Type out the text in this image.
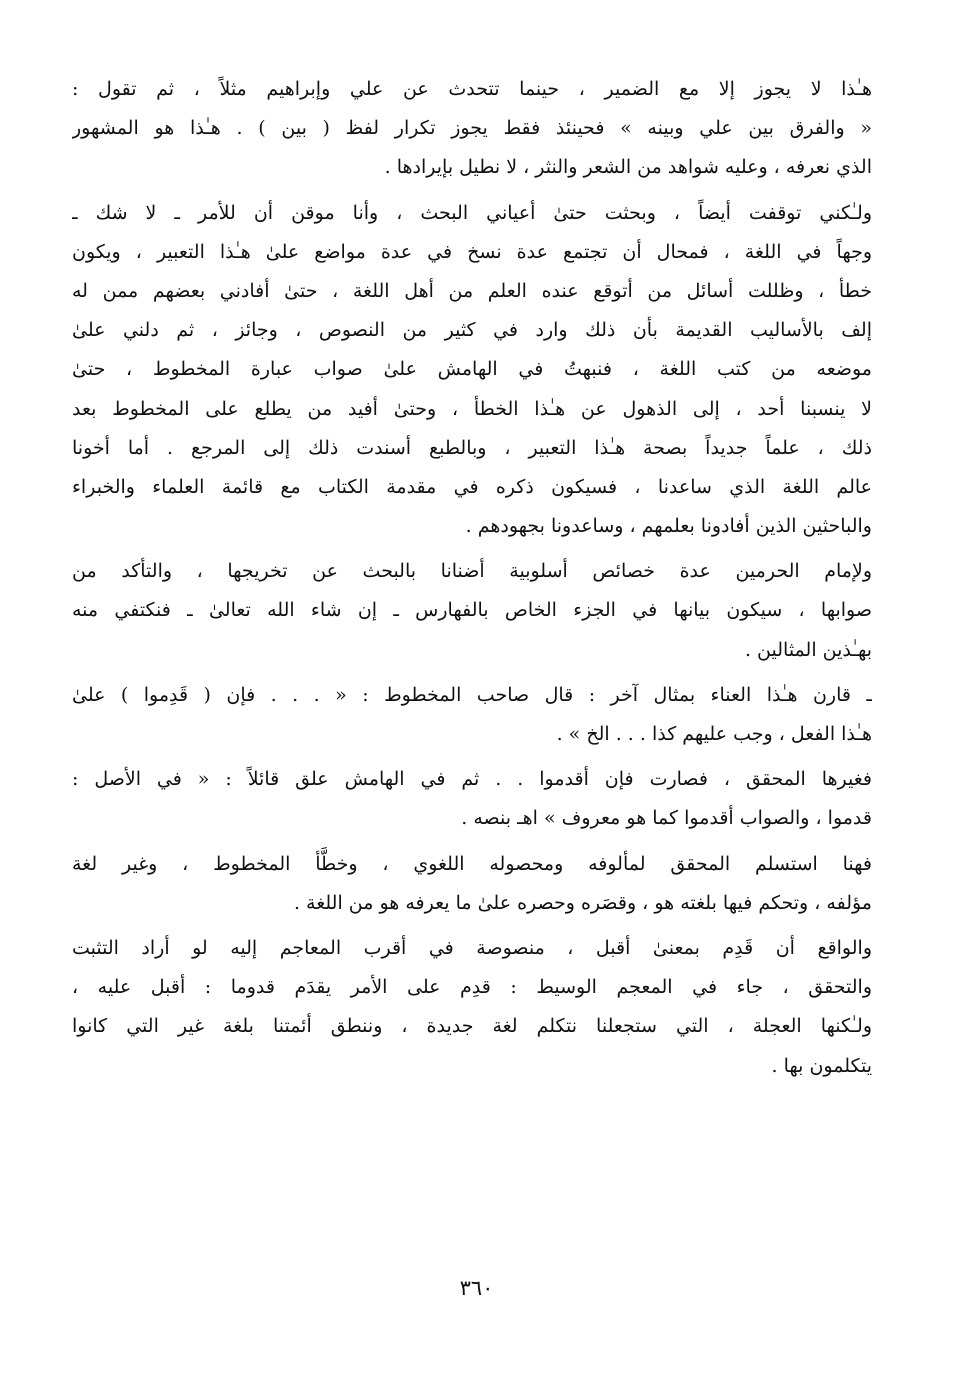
هـٰذا لا يجوز إلا مع الضمير ، حينما تتحدث عن علي وإبراهيم مثلاً ، ثم تقول :
« والفرق بين علي وبينه » فحينئذ فقط يجوز تكرار لفظ ( بين ) . هـٰذا هو المشهور
الذي نعرفه ، وعليه شواهد من الشعر والنثر ، لا نطيل بإيرادها .
ولـٰكني توقفت أيضاً ، وبحثت حتىٰ أعياني البحث ، وأنا موقن أن للأمر ـ لا شك ـ
وجهاً في اللغة ، فمحال أن تجتمع عدة نسخ في عدة مواضع علىٰ هـٰذا التعبير ، ويكون
خطأ ، وظللت أسائل من أتوقع عنده العلم من أهل اللغة ، حتىٰ أفادني بعضهم ممن له
إلف بالأساليب القديمة بأن ذلك وارد في كثير من النصوص ، وجائز ، ثم دلني علىٰ
موضعه من كتب اللغة ، فنبهتُ في الهامش علىٰ صواب عبارة المخطوط ، حتىٰ
لا ينسبنا أحد ، إلى الذهول عن هـٰذا الخطأ ، وحتىٰ أفيد من يطلع على المخطوط بعد
ذلك ، علماً جديداً بصحة هـٰذا التعبير ، وبالطبع أسندت ذلك إلى المرجع . أما أخونا
عالم اللغة الذي ساعدنا ، فسيكون ذكره في مقدمة الكتاب مع قائمة العلماء والخبراء
والباحثين الذين أفادونا بعلمهم ، وساعدونا بجهودهم .
ولإمام الحرمين عدة خصائص أسلوبية أضنانا بالبحث عن تخريجها ، والتأكد من
صوابها ، سيكون بيانها في الجزء الخاص بالفهارس ـ إن شاء الله تعالىٰ ـ فنكتفي منه
بهـٰذين المثالين .
ـ قارن هـٰذا العناء بمثال آخر : قال صاحب المخطوط : « . . . فإن ( قَدِموا ) علىٰ
هـٰذا الفعل ، وجب عليهم كذا . . . الخ » .
فغيرها المحقق ، فصارت فإن أقدموا . . ثم في الهامش علق قائلاً : « في الأصل :
قدموا ، والصواب أقدموا كما هو معروف » اهـ بنصه .
فهنا استسلم المحقق لمألوفه ومحصوله اللغوي ، وخطَّأ المخطوط ، وغير لغة
مؤلفه ، وتحكم فيها بلغته هو ، وقصَره وحصره علىٰ ما يعرفه هو من اللغة .
والواقع أن قَدِم بمعنىٰ أقبل ، منصوصة في أقرب المعاجم إليه لو أراد التثبت
والتحقق ، جاء في المعجم الوسيط : قدِم على الأمر يقدَم قدوما : أقبل عليه ،
ولـٰكنها العجلة ، التي ستجعلنا نتكلم لغة جديدة ، وننطق أئمتنا بلغة غير التي كانوا
يتكلمون بها .
٣٦٠
